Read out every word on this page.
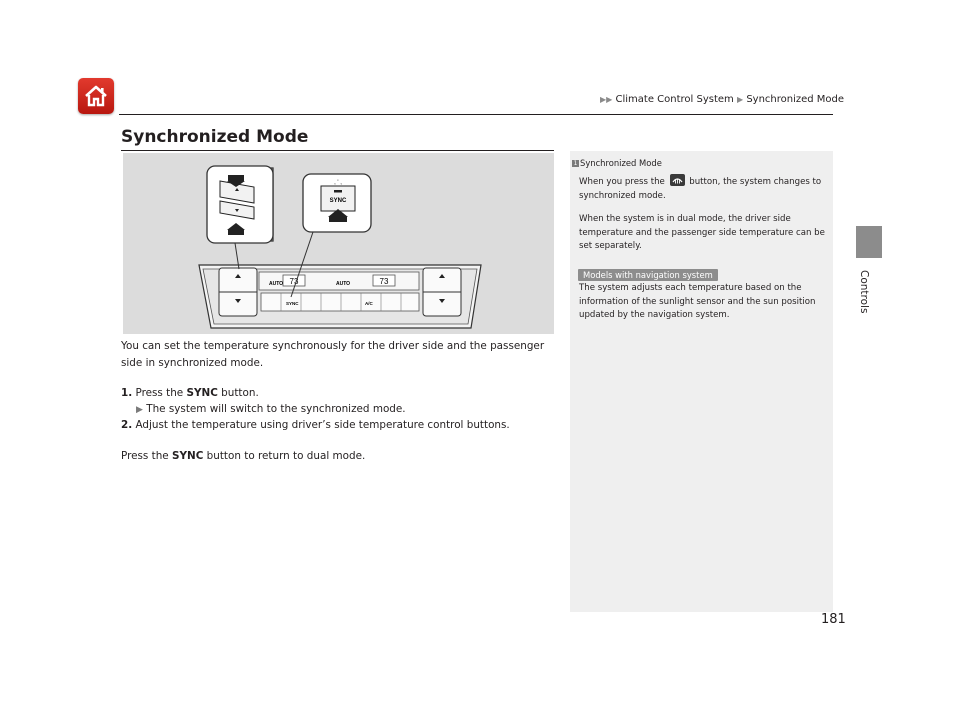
▶▶ Climate Control System ▶ Synchronized Mode
Synchronized Mode
73	73
AUTO	AUTO
SYNC	A/C
SYNC
, ' ,
You can set the temperature synchronously for the driver side and the passenger side in synchronized mode.
1. Press the SYNC button.
▶ The system will switch to the synchronized mode.
2. Adjust the temperature using driver’s side temperature control buttons.
Press the SYNC button to return to dual mode.
1 Synchronized Mode
When you press the	button, the system changes to synchronized mode.
When the system is in dual mode, the driver side temperature and the passenger side temperature can be set separately.
Models with navigation system
The system adjusts each temperature based on the information of the sunlight sensor and the sun position updated by the navigation system.
Controls
181
